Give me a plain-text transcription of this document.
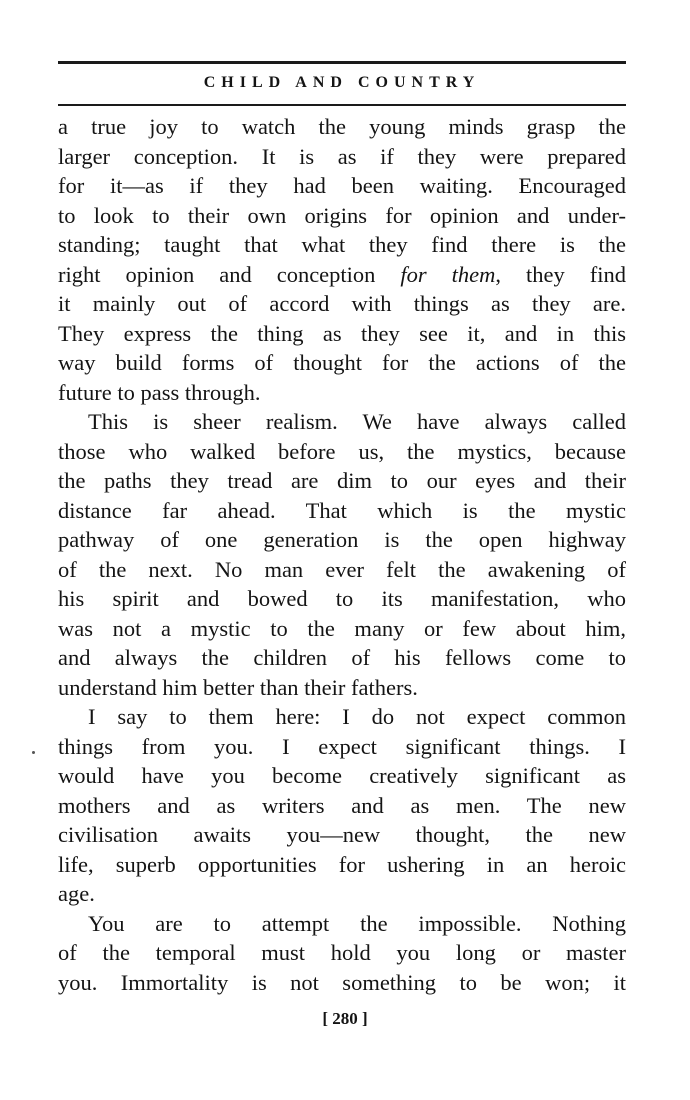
CHILD AND COUNTRY
a true joy to watch the young minds grasp the
larger conception. It is as if they were prepared
for it—as if they had been waiting. Encouraged
to look to their own origins for opinion and under-
standing; taught that what they find there is the
right opinion and conception for them, they find
it mainly out of accord with things as they are.
They express the thing as they see it, and in this
way build forms of thought for the actions of the
future to pass through.
This is sheer realism. We have always called
those who walked before us, the mystics, because
the paths they tread are dim to our eyes and their
distance far ahead. That which is the mystic
pathway of one generation is the open highway
of the next. No man ever felt the awakening of
his spirit and bowed to its manifestation, who
was not a mystic to the many or few about him,
and always the children of his fellows come to
understand him better than their fathers.
I say to them here: I do not expect common
things from you. I expect significant things. I
would have you become creatively significant as
mothers and as writers and as men. The new
civilisation awaits you—new thought, the new
life, superb opportunities for ushering in an heroic
age.
You are to attempt the impossible. Nothing
of the temporal must hold you long or master
you. Immortality is not something to be won; it
[ 280 ]
